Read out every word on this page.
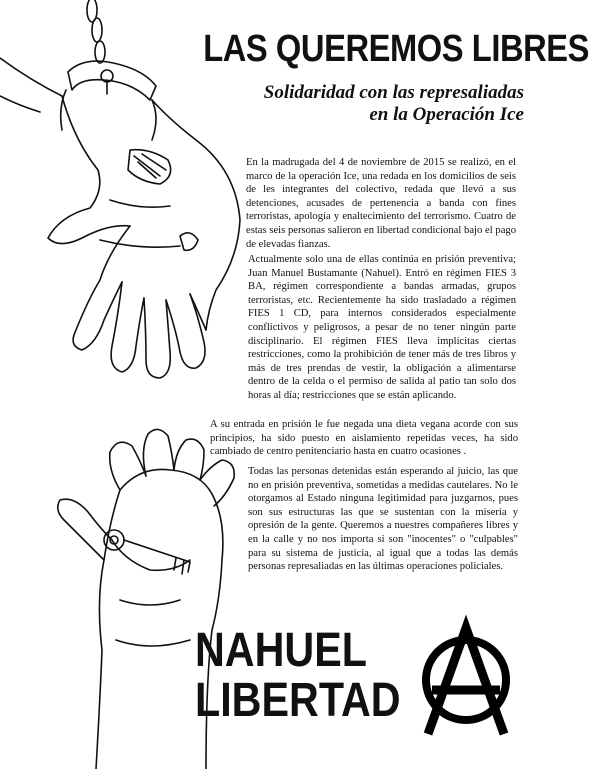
LAS QUEREMOS LIBRES
Solidaridad con las represaliadas
en la Operación Ice

En la madrugada del 4 de noviembre de 2015 se realizó, en el marco de la operación Ice, una redada en los domicilios de seis de les integrantes del colectivo, redada que llevó a sus detenciones, acusades de pertenencia a banda con fines terroristas, apología y enaltecimiento del terrorismo. Cuatro de estas seis personas salieron en libertad condicional bajo el pago de elevadas fianzas.

Actualmente solo una de ellas continúa en prisión preventiva; Juan Manuel Bustamante (Nahuel). Entró en régimen FIES 3 BA, régimen correspondiente a bandas armadas, grupos terroristas, etc. Recientemente ha sido trasladado a régimen FIES 1 CD, para internos considerados especialmente conflictivos y peligrosos, a pesar de no tener ningún parte disciplinario. El régimen FIES lleva implícitas ciertas restricciones, como la prohibición de tener más de tres libros y más de tres prendas de vestir, la obligación a alimentarse dentro de la celda o el permiso de salida al patio tan solo dos horas al día; restricciones que se están aplicando.

A su entrada en prisión le fue negada una dieta vegana acorde con sus principios, ha sido puesto en aislamiento repetidas veces, ha sido cambiado de centro penitenciario hasta en cuatro ocasiones .

Todas las personas detenidas están esperando al juicio, las que no en prisión preventiva, sometidas a medidas cautelares. No le otorgamos al Estado ninguna legitimidad para juzgarnos, pues son sus estructuras las que se sustentan con la miseria y opresión de la gente. Queremos a nuestres compañeres libres y en la calle y no nos importa si son "inocentes" o "culpables" para su sistema de justicia, al igual que a todas las demás personas represaliadas en las últimas operaciones policiales.

NAHUEL
LIBERTAD
